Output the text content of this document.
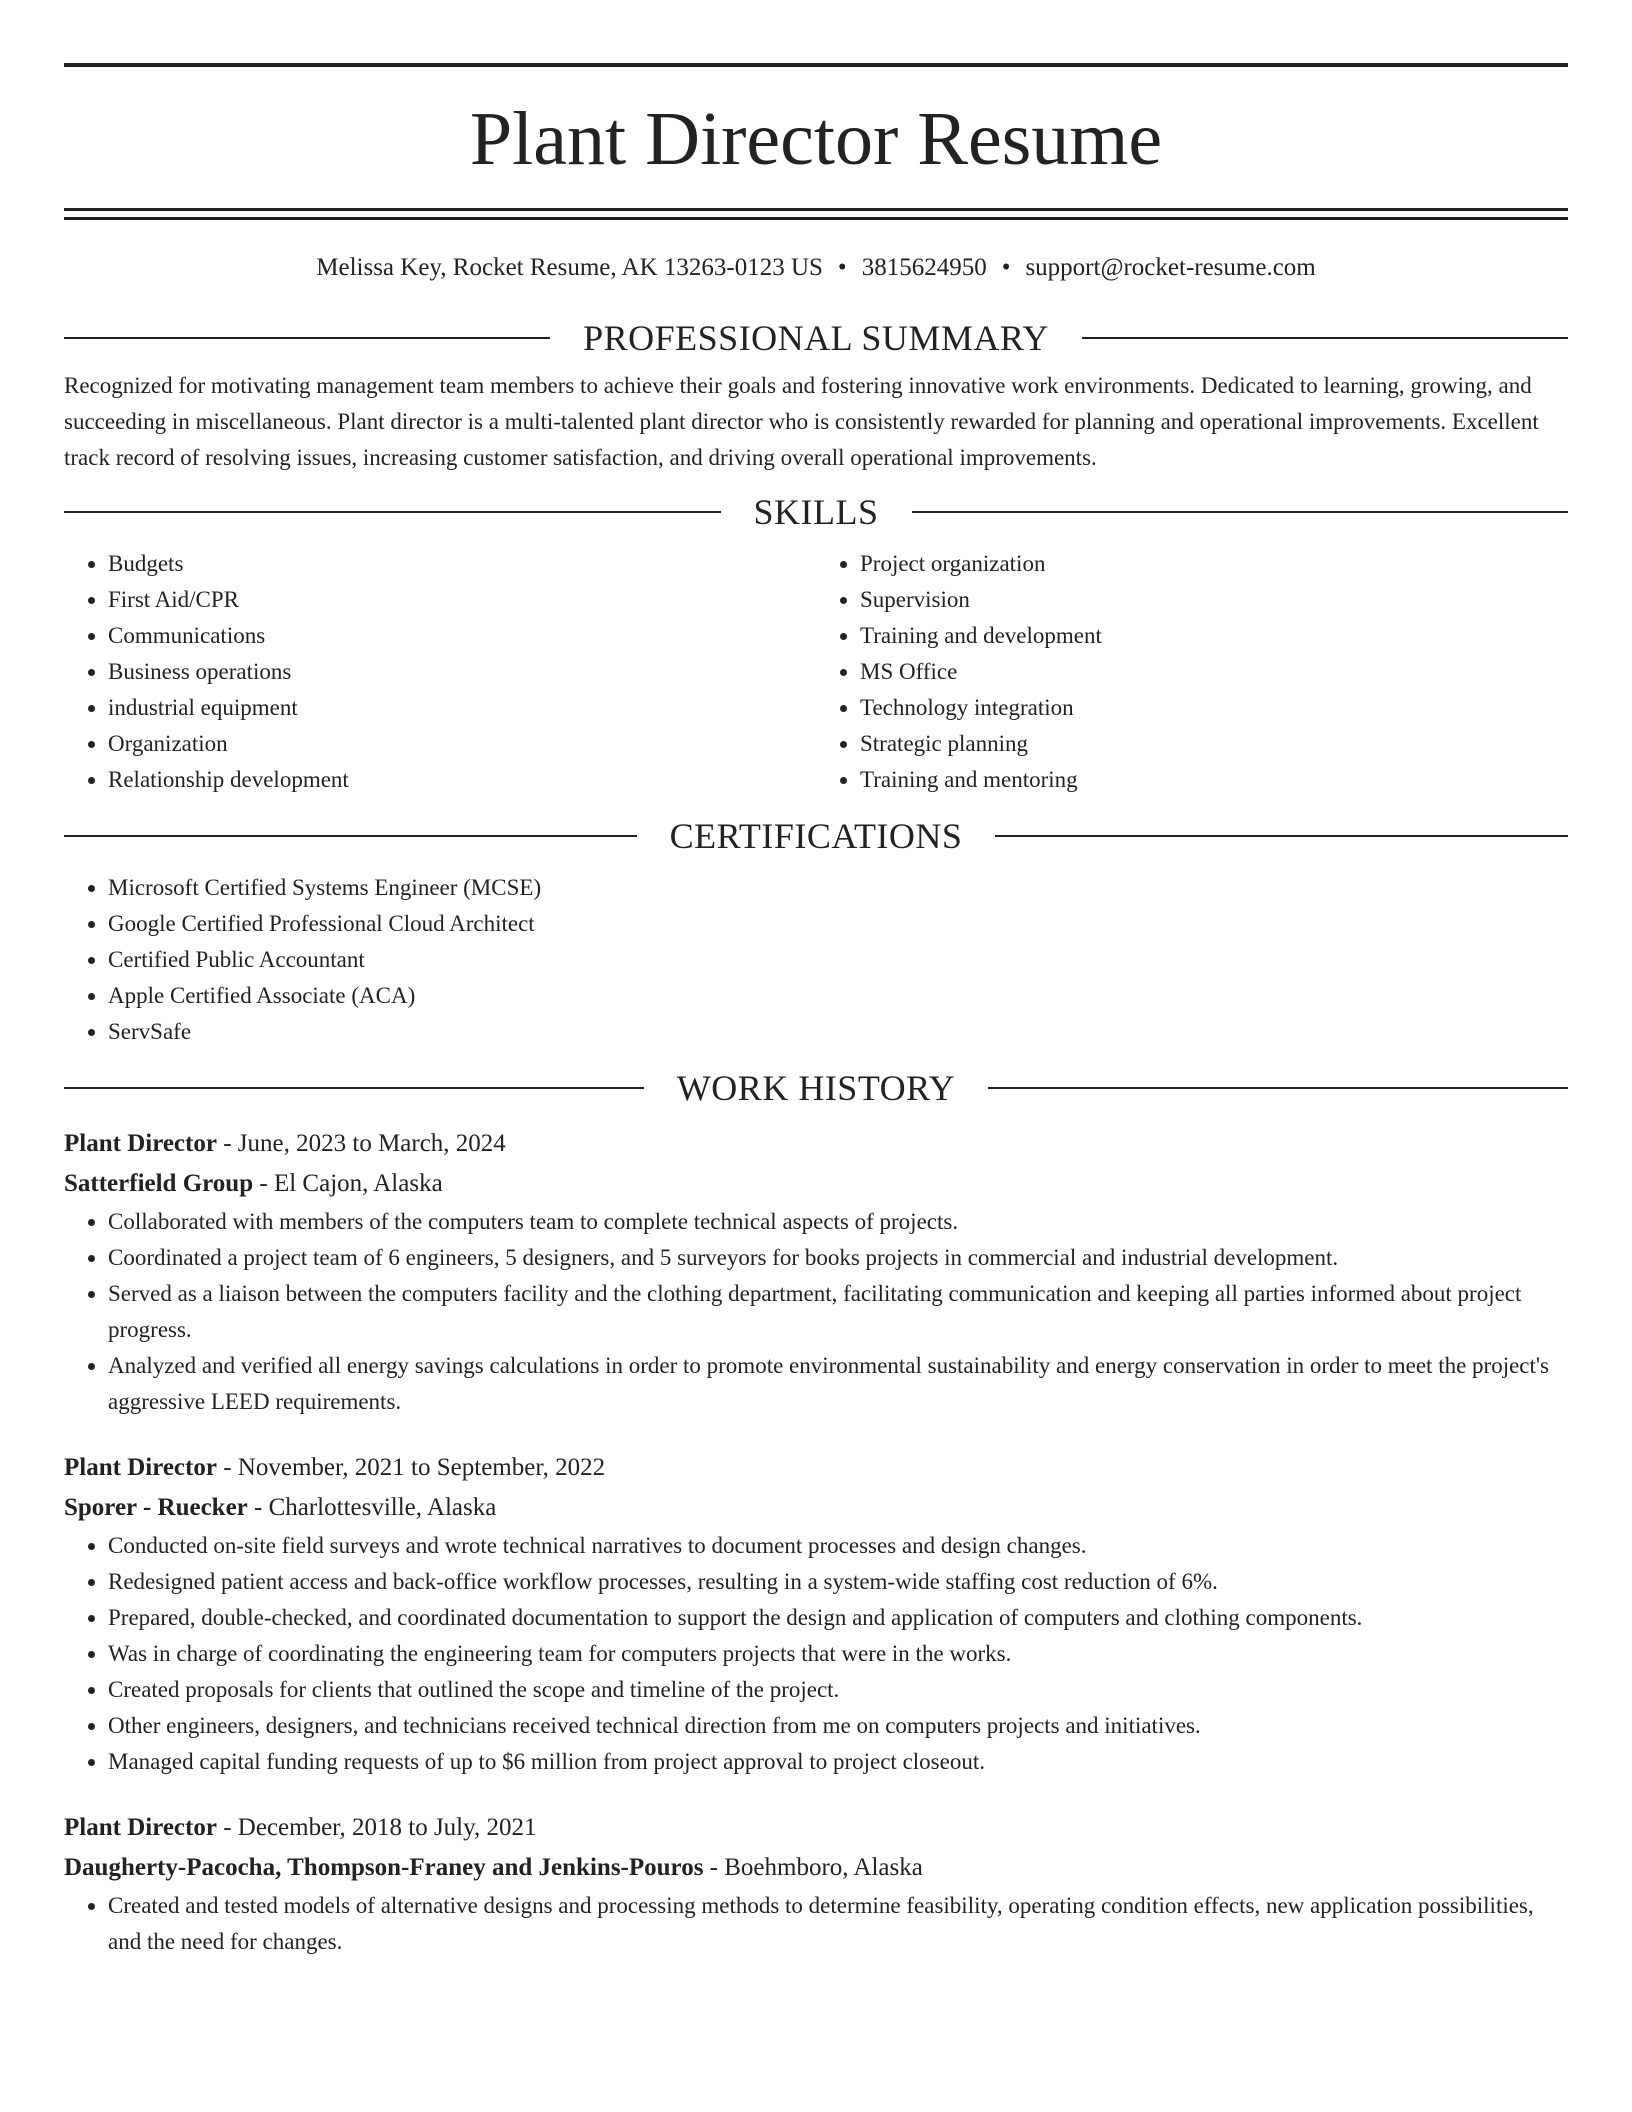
Plant Director Resume
Melissa Key, Rocket Resume, AK 13263-0123 US • 3815624950 • support@rocket-resume.com
PROFESSIONAL SUMMARY

Recognized for motivating management team members to achieve their goals and fostering innovative work environments. Dedicated to learning, growing, and succeeding in miscellaneous. Plant director is a multi-talented plant director who is consistently rewarded for planning and operational improvements. Excellent track record of resolving issues, increasing customer satisfaction, and driving overall operational improvements.

SKILLS
• Budgets
• First Aid/CPR
• Communications
• Business operations
• industrial equipment
• Organization
• Relationship development
• Project organization
• Supervision
• Training and development
• MS Office
• Technology integration
• Strategic planning
• Training and mentoring
CERTIFICATIONS
• Microsoft Certified Systems Engineer (MCSE)
• Google Certified Professional Cloud Architect
• Certified Public Accountant
• Apple Certified Associate (ACA)
• ServSafe
WORK HISTORY
Plant Director - June, 2023 to March, 2024
Satterfield Group - El Cajon, Alaska
• Collaborated with members of the computers team to complete technical aspects of projects.
• Coordinated a project team of 6 engineers, 5 designers, and 5 surveyors for books projects in commercial and industrial development.
• Served as a liaison between the computers facility and the clothing department, facilitating communication and keeping all parties informed about project progress.
• Analyzed and verified all energy savings calculations in order to promote environmental sustainability and energy conservation in order to meet the project's aggressive LEED requirements.
Plant Director - November, 2021 to September, 2022
Sporer - Ruecker - Charlottesville, Alaska
• Conducted on-site field surveys and wrote technical narratives to document processes and design changes.
• Redesigned patient access and back-office workflow processes, resulting in a system-wide staffing cost reduction of 6%.
• Prepared, double-checked, and coordinated documentation to support the design and application of computers and clothing components.
• Was in charge of coordinating the engineering team for computers projects that were in the works.
• Created proposals for clients that outlined the scope and timeline of the project.
• Other engineers, designers, and technicians received technical direction from me on computers projects and initiatives.
• Managed capital funding requests of up to $6 million from project approval to project closeout.
Plant Director - December, 2018 to July, 2021
Daugherty-Pacocha, Thompson-Franey and Jenkins-Pouros - Boehmboro, Alaska
• Created and tested models of alternative designs and processing methods to determine feasibility, operating condition effects, new application possibilities, and the need for changes.
